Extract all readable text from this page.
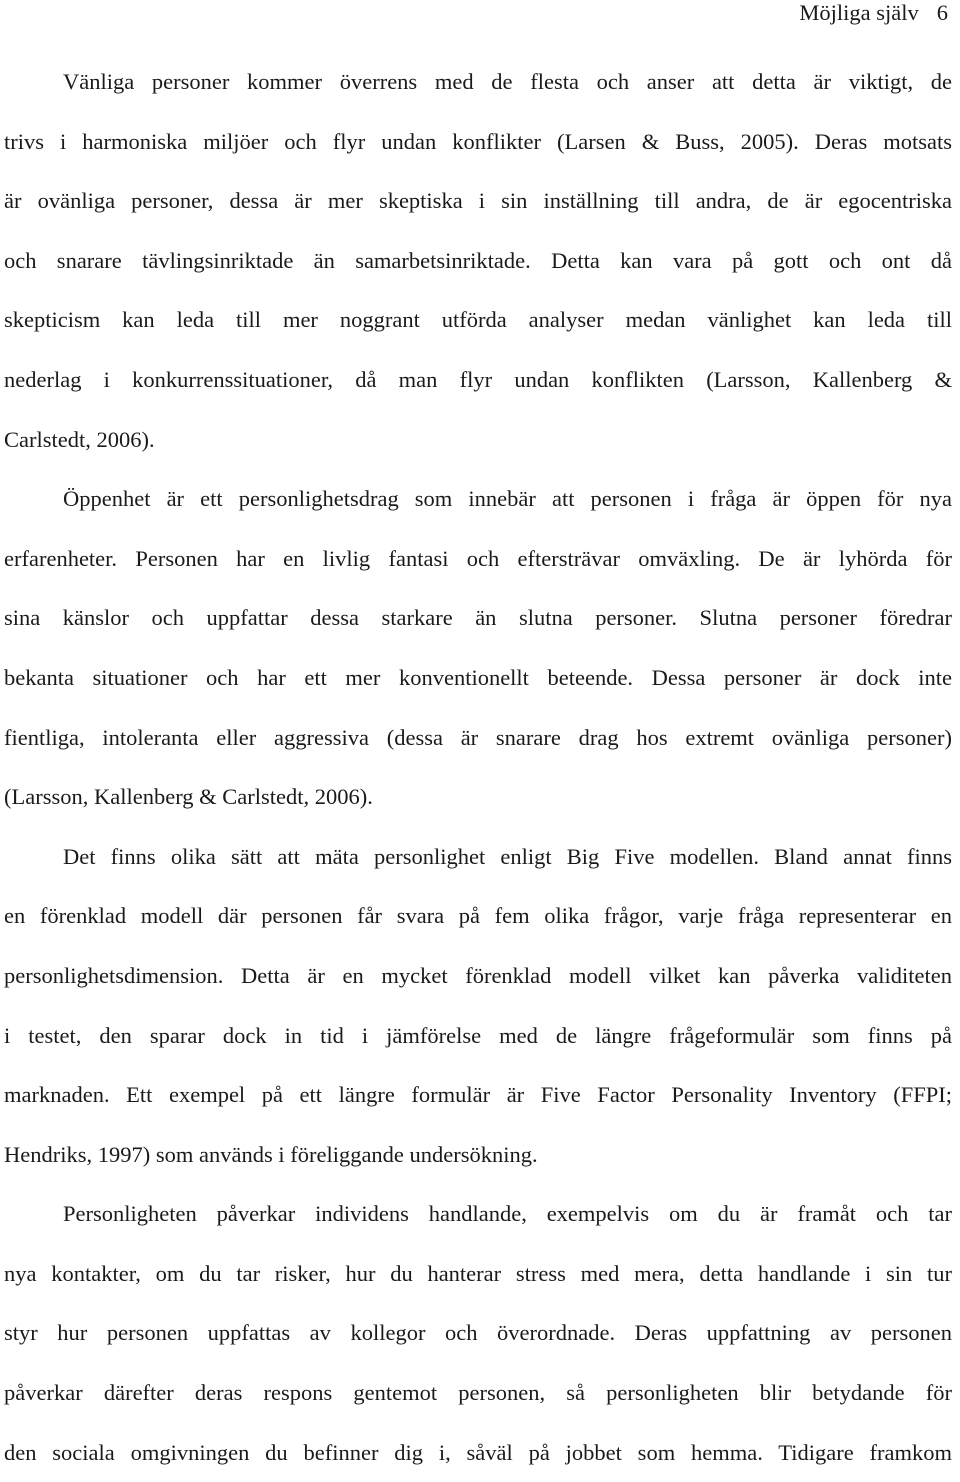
Möjliga själv 6

Vänliga personer kommer överrens med de flesta och anser att detta är viktigt, de
trivs i harmoniska miljöer och flyr undan konflikter (Larsen & Buss, 2005). Deras motsats
är ovänliga personer, dessa är mer skeptiska i sin inställning till andra, de är egocentriska
och snarare tävlingsinriktade än samarbetsinriktade. Detta kan vara på gott och ont då
skepticism kan leda till mer noggrant utförda analyser medan vänlighet kan leda till
nederlag i konkurrenssituationer, då man flyr undan konflikten (Larsson, Kallenberg &
Carlstedt, 2006).

Öppenhet är ett personlighetsdrag som innebär att personen i fråga är öppen för nya
erfarenheter. Personen har en livlig fantasi och eftersträvar omväxling. De är lyhörda för
sina känslor och uppfattar dessa starkare än slutna personer. Slutna personer föredrar
bekanta situationer och har ett mer konventionellt beteende. Dessa personer är dock inte
fientliga, intoleranta eller aggressiva (dessa är snarare drag hos extremt ovänliga personer)
(Larsson, Kallenberg & Carlstedt, 2006).

Det finns olika sätt att mäta personlighet enligt Big Five modellen. Bland annat finns
en förenklad modell där personen får svara på fem olika frågor, varje fråga representerar en
personlighetsdimension. Detta är en mycket förenklad modell vilket kan påverka validiteten
i testet, den sparar dock in tid i jämförelse med de längre frågeformulär som finns på
marknaden. Ett exempel på ett längre formulär är Five Factor Personality Inventory (FFPI;
Hendriks, 1997) som används i föreliggande undersökning.

Personligheten påverkar individens handlande, exempelvis om du är framåt och tar
nya kontakter, om du tar risker, hur du hanterar stress med mera, detta handlande i sin tur
styr hur personen uppfattas av kollegor och överordnade. Deras uppfattning av personen
påverkar därefter deras respons gentemot personen, så personligheten blir betydande för
den sociala omgivningen du befinner dig i, såväl på jobbet som hemma. Tidigare framkom
